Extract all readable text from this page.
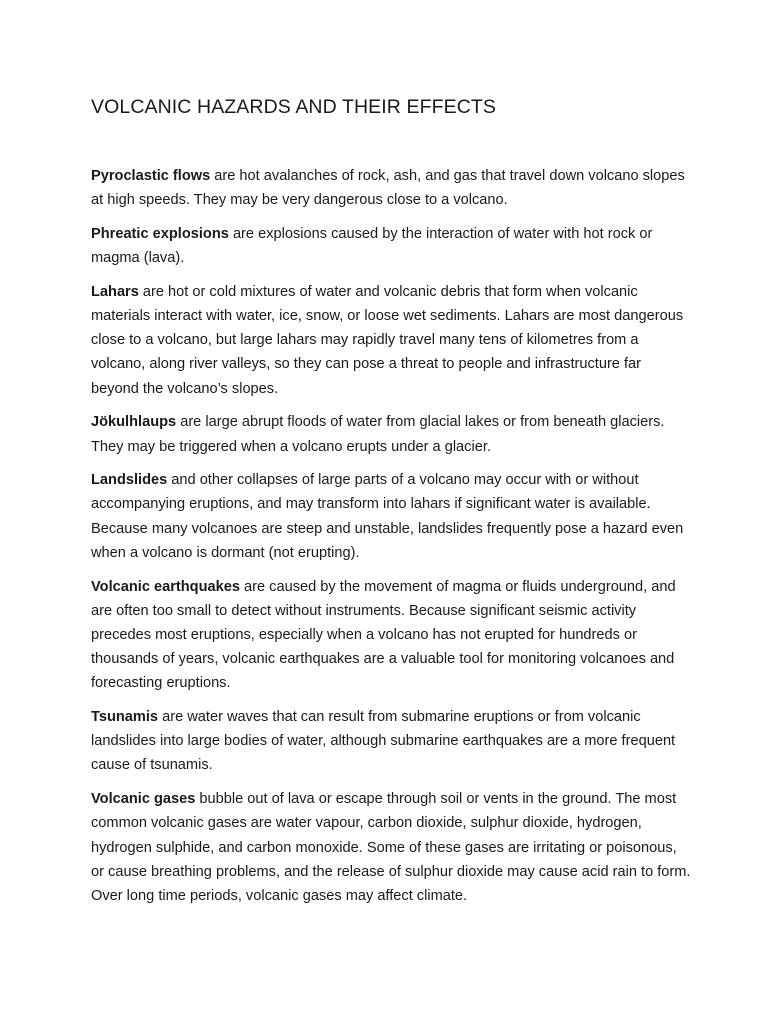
VOLCANIC HAZARDS AND THEIR EFFECTS

Pyroclastic flows are hot avalanches of rock, ash, and gas that travel down volcano slopes at high speeds. They may be very dangerous close to a volcano.

Phreatic explosions are explosions caused by the interaction of water with hot rock or magma (lava).

Lahars are hot or cold mixtures of water and volcanic debris that form when volcanic materials interact with water, ice, snow, or loose wet sediments. Lahars are most dangerous close to a volcano, but large lahars may rapidly travel many tens of kilometres from a volcano, along river valleys, so they can pose a threat to people and infrastructure far beyond the volcano’s slopes.

Jökulhlaups are large abrupt floods of water from glacial lakes or from beneath glaciers. They may be triggered when a volcano erupts under a glacier.

Landslides and other collapses of large parts of a volcano may occur with or without accompanying eruptions, and may transform into lahars if significant water is available. Because many volcanoes are steep and unstable, landslides frequently pose a hazard even when a volcano is dormant (not erupting).

Volcanic earthquakes are caused by the movement of magma or fluids underground, and are often too small to detect without instruments. Because significant seismic activity precedes most eruptions, especially when a volcano has not erupted for hundreds or thousands of years, volcanic earthquakes are a valuable tool for monitoring volcanoes and forecasting eruptions.

Tsunamis are water waves that can result from submarine eruptions or from volcanic landslides into large bodies of water, although submarine earthquakes are a more frequent cause of tsunamis.

Volcanic gases bubble out of lava or escape through soil or vents in the ground. The most common volcanic gases are water vapour, carbon dioxide, sulphur dioxide, hydrogen, hydrogen sulphide, and carbon monoxide. Some of these gases are irritating or poisonous, or cause breathing problems, and the release of sulphur dioxide may cause acid rain to form. Over long time periods, volcanic gases may affect climate.
